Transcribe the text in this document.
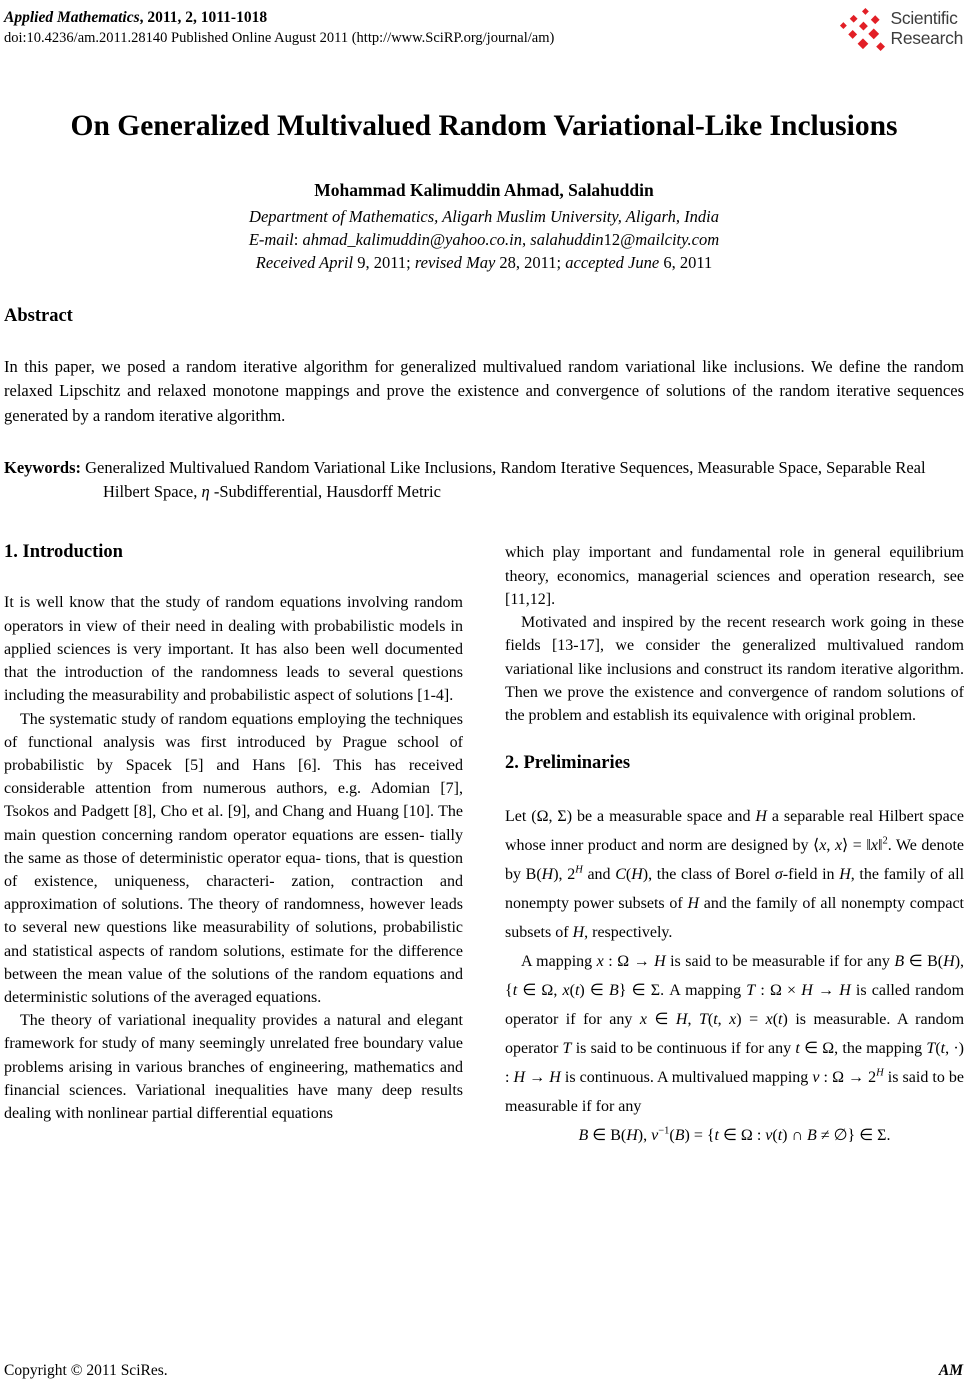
Applied Mathematics, 2011, 2, 1011-1018
doi:10.4236/am.2011.28140 Published Online August 2011 (http://www.SciRP.org/journal/am)
Scientific
Research
On Generalized Multivalued Random Variational-Like Inclusions
Mohammad Kalimuddin Ahmad, Salahuddin
Department of Mathematics, Aligarh Muslim University, Aligarh, India
E-mail: ahmad_kalimuddin@yahoo.co.in, salahuddin12@mailcity.com
Received April 9, 2011; revised May 28, 2011; accepted June 6, 2011
Abstract

In this paper, we posed a random iterative algorithm for generalized multivalued random variational like inclusions. We define the random relaxed Lipschitz and relaxed monotone mappings and prove the existence and convergence of solutions of the random iterative sequences generated by a random iterative algorithm.

Keywords: Generalized Multivalued Random Variational Like Inclusions, Random Iterative Sequences, Measurable Space, Separable Real Hilbert Space, η -Subdifferential, Hausdorff Metric
1. Introduction

It is well know that the study of random equations involving random operators in view of their need in dealing with probabilistic models in applied sciences is very important. It has also been well documented that the introduction of the randomness leads to several questions including the measurability and probabilistic aspect of solutions [1-4].

The systematic study of random equations employing the techniques of functional analysis was first introduced by Prague school of probabilistic by Spacek [5] and Hans [6]. This has received considerable attention from numerous authors, e.g. Adomian [7], Tsokos and Padgett [8], Cho et al. [9], and Chang and Huang [10]. The main question concerning random operator equations are essen- tially the same as those of deterministic operator equa- tions, that is question of existence, uniqueness, characteri- zation, contraction and approximation of solutions. The theory of randomness, however leads to several new questions like measurability of solutions, probabilistic and statistical aspects of random solutions, estimate for the difference between the mean value of the solutions of the random equations and deterministic solutions of the averaged equations.

The theory of variational inequality provides a natural and elegant framework for study of many seemingly unrelated free boundary value problems arising in various branches of engineering, mathematics and financial sciences. Variational inequalities have many deep results dealing with nonlinear partial differential equations

which play important and fundamental role in general equilibrium theory, economics, managerial sciences and operation research, see [11,12].

Motivated and inspired by the recent research work going in these fields [13-17], we consider the generalized multivalued random variational like inclusions and construct its random iterative algorithm. Then we prove the existence and convergence of random solutions of the problem and establish its equivalence with original problem.

2. Preliminaries

Let (Ω, Σ) be a measurable space and H a separable real Hilbert space whose inner product and norm are designed by ⟨x, x⟩ = ‖x‖$^2$. We denote by B(H), $2^H$ and C(H), the class of Borel σ-field in H, the family of all nonempty power subsets of H and the family of all nonempty compact subsets of H, respectively.

A mapping x : Ω → H is said to be measurable if for any B ∈ B(H), {t ∈ Ω, x(t) ∈ B} ∈ Σ. A mapping T : Ω × H → H is called random operator if for any x ∈ H, T(t, x) = x(t) is measurable. A random operator T is said to be continuous if for any t ∈ Ω, the mapping T(t, ·) : H → H is continuous. A multivalued mapping v : $\Omega \to 2^H$ is said to be measurable if for any

B ∈ B(H), $v^{-1}(B) = \{t$ ∈ Ω : v(t) ∩ B ≠ ∅} ∈ Σ.

Copyright © 2011 SciRes.	AM
